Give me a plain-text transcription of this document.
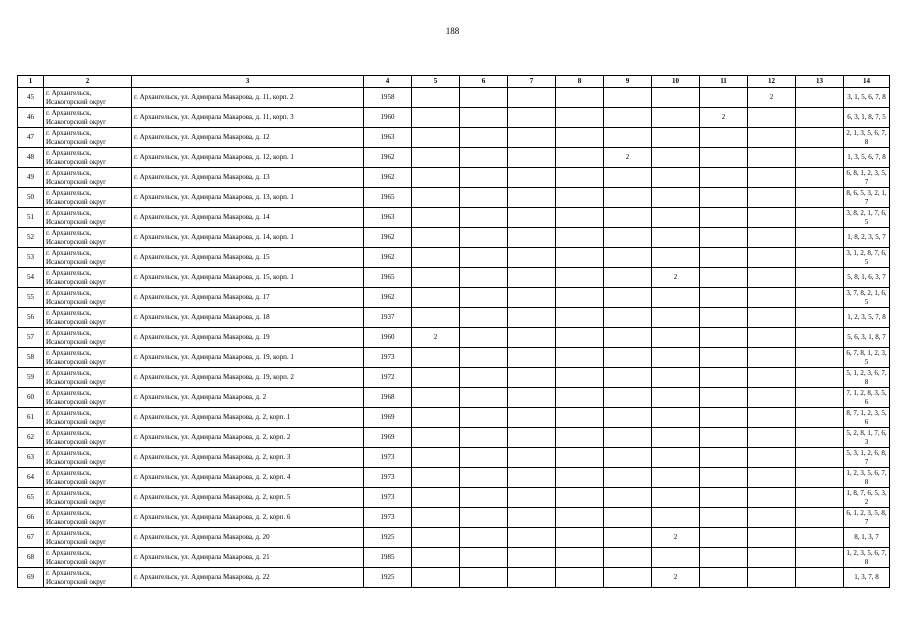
188
1	2	3	4	5	6	7	8	9	10	11	12	13	14
45	г. Архангельск, Исакогорский округ	г. Архангельск, ул. Адмирала Макарова, д. 11, корп. 2	1958								2		3, 1, 5, 6, 7, 8
46	г. Архангельск, Исакогорский округ	г. Архангельск, ул. Адмирала Макарова, д. 11, корп. 3	1960							2			6, 3, 1, 8, 7, 5
47	г. Архангельск, Исакогорский округ	г. Архангельск, ул. Адмирала Макарова, д. 12	1963										2, 1, 3, 5, 6, 7, 8
48	г. Архангельск, Исакогорский округ	г. Архангельск, ул. Адмирала Макарова, д. 12, корп. 1	1962					2					1, 3, 5, 6, 7, 8
49	г. Архангельск, Исакогорский округ	г. Архангельск, ул. Адмирала Макарова, д. 13	1962										6, 8, 1, 2, 3, 5, 7
50	г. Архангельск, Исакогорский округ	г. Архангельск, ул. Адмирала Макарова, д. 13, корп. 1	1965										8, 6, 5, 3, 2, 1, 7
51	г. Архангельск, Исакогорский округ	г. Архангельск, ул. Адмирала Макарова, д. 14	1963										3, 8, 2, 1, 7, 6, 5
52	г. Архангельск, Исакогорский округ	г. Архангельск, ул. Адмирала Макарова, д. 14, корп. 1	1962										1, 8, 2, 3, 5, 7
53	г. Архангельск, Исакогорский округ	г. Архангельск, ул. Адмирала Макарова, д. 15	1962										3, 1, 2, 8, 7, 6, 5
54	г. Архангельск, Исакогорский округ	г. Архангельск, ул. Адмирала Макарова, д. 15, корп. 1	1965						2				5, 8, 1, 6, 3, 7
55	г. Архангельск, Исакогорский округ	г. Архангельск, ул. Адмирала Макарова, д. 17	1962										3, 7, 8, 2, 1, 6, 5
56	г. Архангельск, Исакогорский округ	г. Архангельск, ул. Адмирала Макарова, д. 18	1937										1, 2, 3, 5, 7, 8
57	г. Архангельск, Исакогорский округ	г. Архангельск, ул. Адмирала Макарова, д. 19	1960	2									5, 6, 3, 1, 8, 7
58	г. Архангельск, Исакогорский округ	г. Архангельск, ул. Адмирала Макарова, д. 19, корп. 1	1973										6, 7, 8, 1, 2, 3, 5
59	г. Архангельск, Исакогорский округ	г. Архангельск, ул. Адмирала Макарова, д. 19, корп. 2	1972										5, 1, 2, 3, 6, 7, 8
60	г. Архангельск, Исакогорский округ	г. Архангельск, ул. Адмирала Макарова, д. 2	1968										7, 1, 2, 8, 3, 5, 6
61	г. Архангельск, Исакогорский округ	г. Архангельск, ул. Адмирала Макарова, д. 2, корп. 1	1969										8, 7, 1, 2, 3, 5, 6
62	г. Архангельск, Исакогорский округ	г. Архангельск, ул. Адмирала Макарова, д. 2, корп. 2	1969										5, 2, 8, 1, 7, 6, 3
63	г. Архангельск, Исакогорский округ	г. Архангельск, ул. Адмирала Макарова, д. 2, корп. 3	1973										5, 3, 1, 2, 6, 8, 7
64	г. Архангельск, Исакогорский округ	г. Архангельск, ул. Адмирала Макарова, д. 2, корп. 4	1973										1, 2, 3, 5, 6, 7, 8
65	г. Архангельск, Исакогорский округ	г. Архангельск, ул. Адмирала Макарова, д. 2, корп. 5	1973										1, 8, 7, 6, 5, 3, 2
66	г. Архангельск, Исакогорский округ	г. Архангельск, ул. Адмирала Макарова, д. 2, корп. 6	1973										6, 1, 2, 3, 5, 8, 7
67	г. Архангельск, Исакогорский округ	г. Архангельск, ул. Адмирала Макарова, д. 20	1925						2				8, 1, 3, 7
68	г. Архангельск, Исакогорский округ	г. Архангельск, ул. Адмирала Макарова, д. 21	1985										1, 2, 3, 5, 6, 7, 8
69	г. Архангельск, Исакогорский округ	г. Архангельск, ул. Адмирала Макарова, д. 22	1925						2				1, 3, 7, 8
